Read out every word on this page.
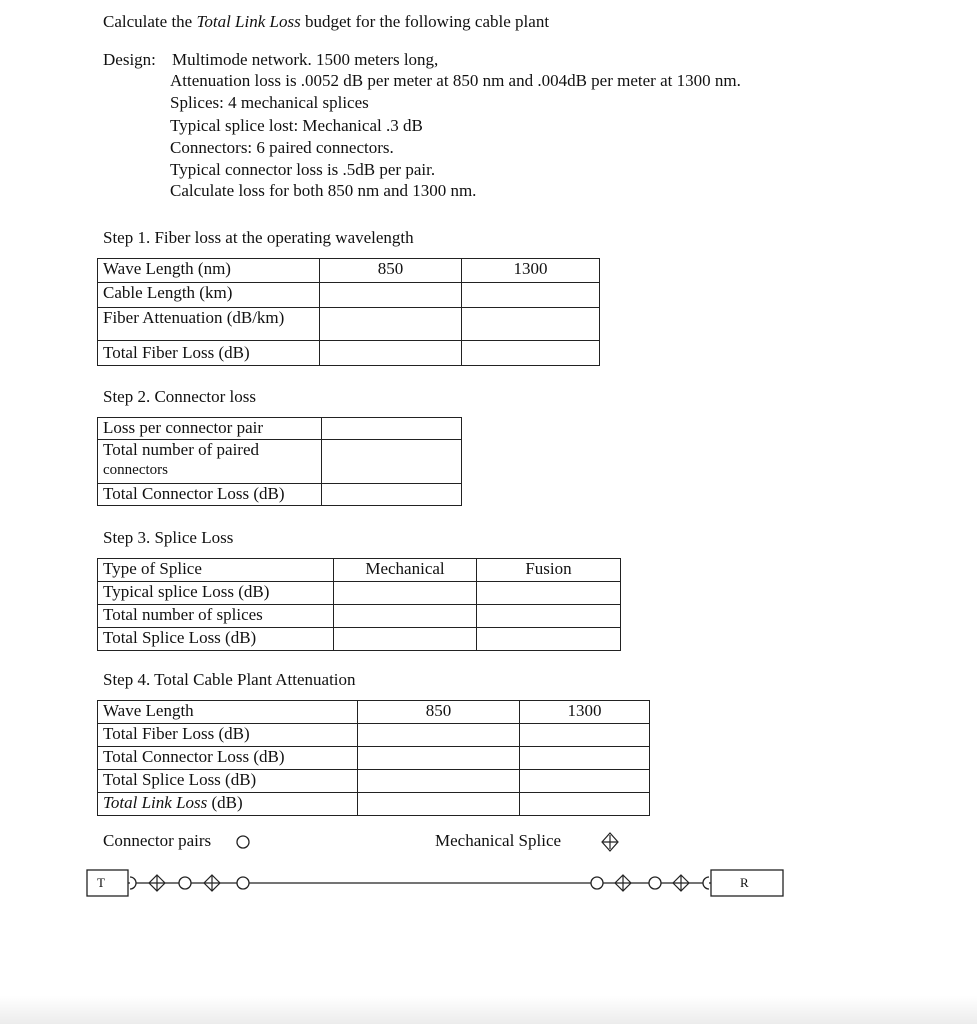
Calculate the Total Link Loss budget for the following cable plant
Design: Multimode network. 1500 meters long,
Attenuation loss is .0052 dB per meter at 850 nm and .004dB per meter at 1300 nm.
Splices: 4 mechanical splices
Typical splice lost: Mechanical .3 dB
Connectors: 6 paired connectors.
Typical connector loss is .5dB per pair.
Calculate loss for both 850 nm and 1300 nm.
Step 1. Fiber loss at the operating wavelength
Wave Length (nm)	850	1300
Cable Length (km)		
Fiber Attenuation (dB/km)		
Total Fiber Loss (dB)		
Step 2. Connector loss
Loss per connector pair	

Total number of paired
connectors	

Total Connector Loss (dB)	
Step 3. Splice Loss
Type of Splice	Mechanical	Fusion
Typical splice Loss (dB)		
Total number of splices		
Total Splice Loss (dB)		
Step 4. Total Cable Plant Attenuation
Wave Length	850	1300
Total Fiber Loss (dB)		
Total Connector Loss (dB)		
Total Splice Loss (dB)		
Total Link Loss (dB)		
Connector pairs	Mechanical Splice
T	R
